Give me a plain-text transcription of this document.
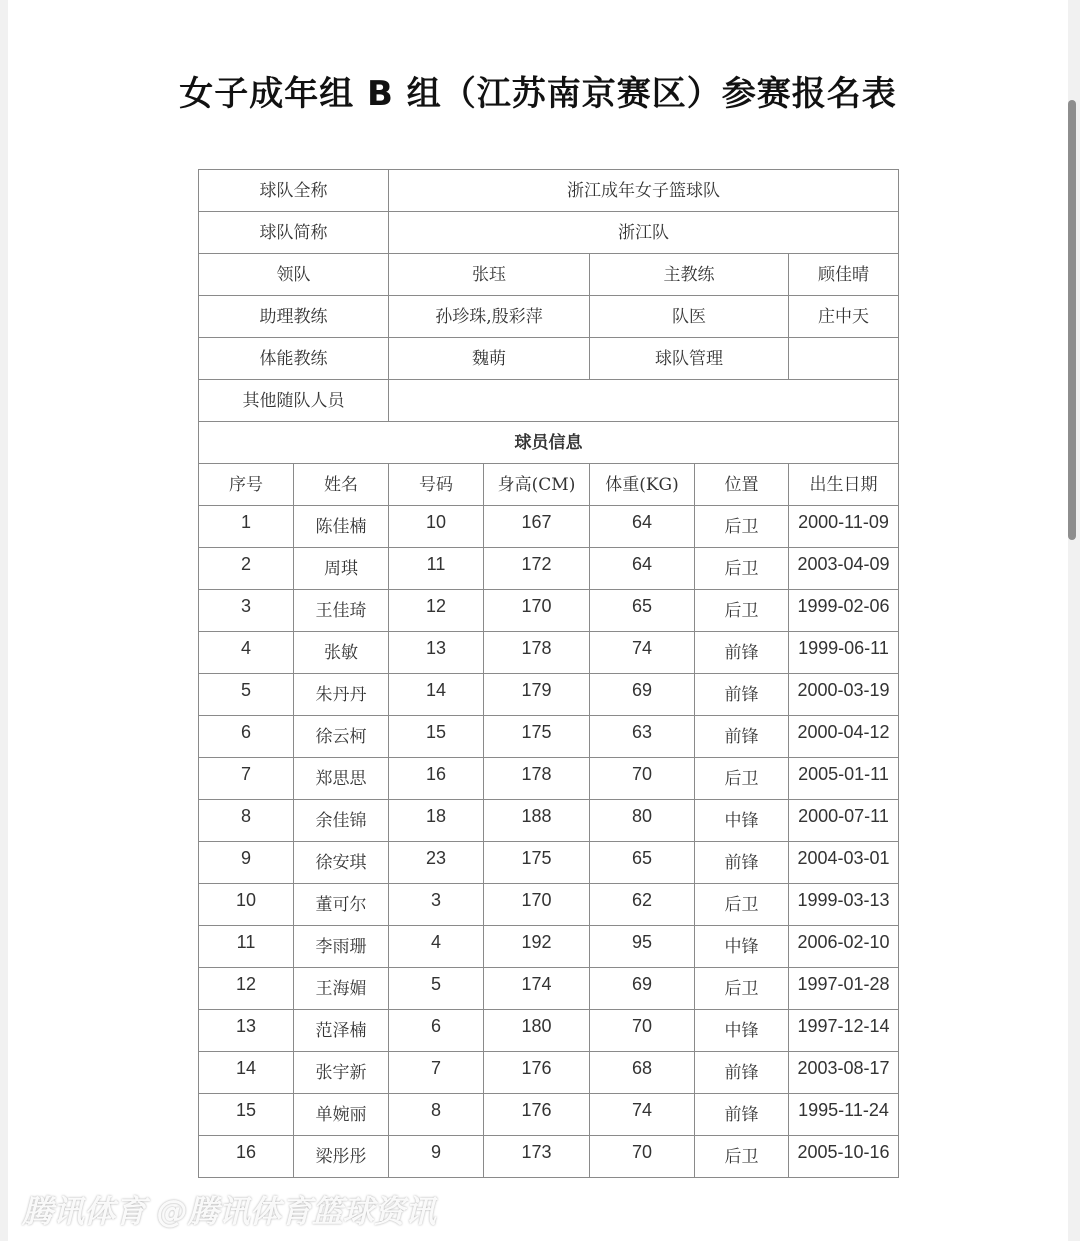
女子成年组 B 组（江苏南京赛区）参赛报名表
球队全称		浙江成年女子篮球队				
球队简称		浙江队				
领队		张珏		主教练		顾佳晴
助理教练		孙珍珠,殷彩萍		队医		庄中天
体能教练		魏萌		球队管理		
其他随队人员						
球员信息						
序号	姓名	号码	身高(CM)	体重(KG)	位置	出生日期
1	陈佳楠	10	167	64	后卫	2000-11-09
2	周琪	11	172	64	后卫	2003-04-09
3	王佳琦	12	170	65	后卫	1999-02-06
4	张敏	13	178	74	前锋	1999-06-11
5	朱丹丹	14	179	69	前锋	2000-03-19
6	徐云柯	15	175	63	前锋	2000-04-12
7	郑思思	16	178	70	后卫	2005-01-11
8	余佳锦	18	188	80	中锋	2000-07-11
9	徐安琪	23	175	65	前锋	2004-03-01
10	董可尔	3	170	62	后卫	1999-03-13
11	李雨珊	4	192	95	中锋	2006-02-10
12	王海媚	5	174	69	后卫	1997-01-28
13	范泽楠	6	180	70	中锋	1997-12-14
14	张宇新	7	176	68	前锋	2003-08-17
15	单婉丽	8	176	74	前锋	1995-11-24
16	梁彤彤	9	173	70	后卫	2005-10-16
腾讯体育 @腾讯体育篮球资讯
